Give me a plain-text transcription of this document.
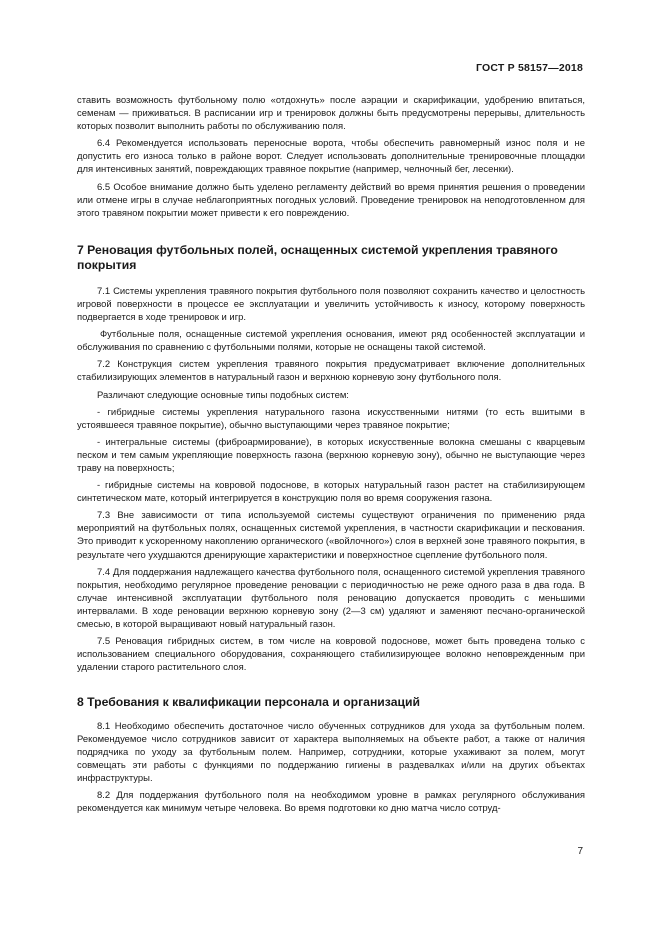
ГОСТ Р 58157—2018

ставить возможность футбольному полю «отдохнуть» после аэрации и скарификации, удобрению впитаться, семенам — приживаться. В расписании игр и тренировок должны быть предусмотрены перерывы, длительность которых позволит выполнить работы по обслуживанию поля.

6.4 Рекомендуется использовать переносные ворота, чтобы обеспечить равномерный износ поля и не допустить его износа только в районе ворот. Следует использовать дополнительные тренировочные площадки для интенсивных занятий, повреждающих травяное покрытие (например, челночный бег, лесенки).

6.5 Особое внимание должно быть уделено регламенту действий во время принятия решения о проведении или отмене игры в случае неблагоприятных погодных условий. Проведение тренировок на неподготовленном для этого травяном покрытии может привести к его повреждению.

7 Реновация футбольных полей, оснащенных системой укрепления травяного покрытия

7.1 Системы укрепления травяного покрытия футбольного поля позволяют сохранить качество и целостность игровой поверхности в процессе ее эксплуатации и увеличить устойчивость к износу, которому поверхность подвергается в ходе тренировок и игр.

Футбольные поля, оснащенные системой укрепления основания, имеют ряд особенностей эксплуатации и обслуживания по сравнению с футбольными полями, которые не оснащены такой системой.

7.2 Конструкция систем укрепления травяного покрытия предусматривает включение дополнительных стабилизирующих элементов в натуральный газон и верхнюю корневую зону футбольного поля.

Различают следующие основные типы подобных систем:

- гибридные системы укрепления натурального газона искусственными нитями (то есть вшитыми в устоявшееся травяное покрытие), обычно выступающими через травяное покрытие;

- интегральные системы (фиброармирование), в которых искусственные волокна смешаны с кварцевым песком и тем самым укрепляющие поверхность газона (верхнюю корневую зону), обычно не выступающие через траву на поверхность;

- гибридные системы на ковровой подоснове, в которых натуральный газон растет на стабилизирующем синтетическом мате, который интегрируется в конструкцию поля во время сооружения газона.

7.3 Вне зависимости от типа используемой системы существуют ограничения по применению ряда мероприятий на футбольных полях, оснащенных системой укрепления, в частности скарификации и пескования. Это приводит к ускоренному накоплению органического («войлочного») слоя в верхней зоне травяного покрытия, в результате чего ухудшаются дренирующие характеристики и поверхностное сцепление футбольного поля.

7.4 Для поддержания надлежащего качества футбольного поля, оснащенного системой укрепления травяного покрытия, необходимо регулярное проведение реновации с периодичностью не реже одного раза в два года. В случае интенсивной эксплуатации футбольного поля реновацию допускается проводить с меньшими интервалами. В ходе реновации верхнюю корневую зону (2—3 см) удаляют и заменяют песчано-органической смесью, в которой выращивают новый натуральный газон.

7.5 Реновация гибридных систем, в том числе на ковровой подоснове, может быть проведена только с использованием специального оборудования, сохраняющего стабилизирующее волокно неповрежденным при удалении старого растительного слоя.

8 Требования к квалификации персонала и организаций

8.1 Необходимо обеспечить достаточное число обученных сотрудников для ухода за футбольным полем. Рекомендуемое число сотрудников зависит от характера выполняемых на объекте работ, а также от наличия подрядчика по уходу за футбольным полем. Например, сотрудники, которые ухаживают за полем, могут совмещать эти работы с функциями по поддержанию гигиены в раздевалках и/или на других объектах инфраструктуры.

8.2 Для поддержания футбольного поля на необходимом уровне в рамках регулярного обслуживания рекомендуется как минимум четыре человека. Во время подготовки ко дню матча число сотруд-

7
